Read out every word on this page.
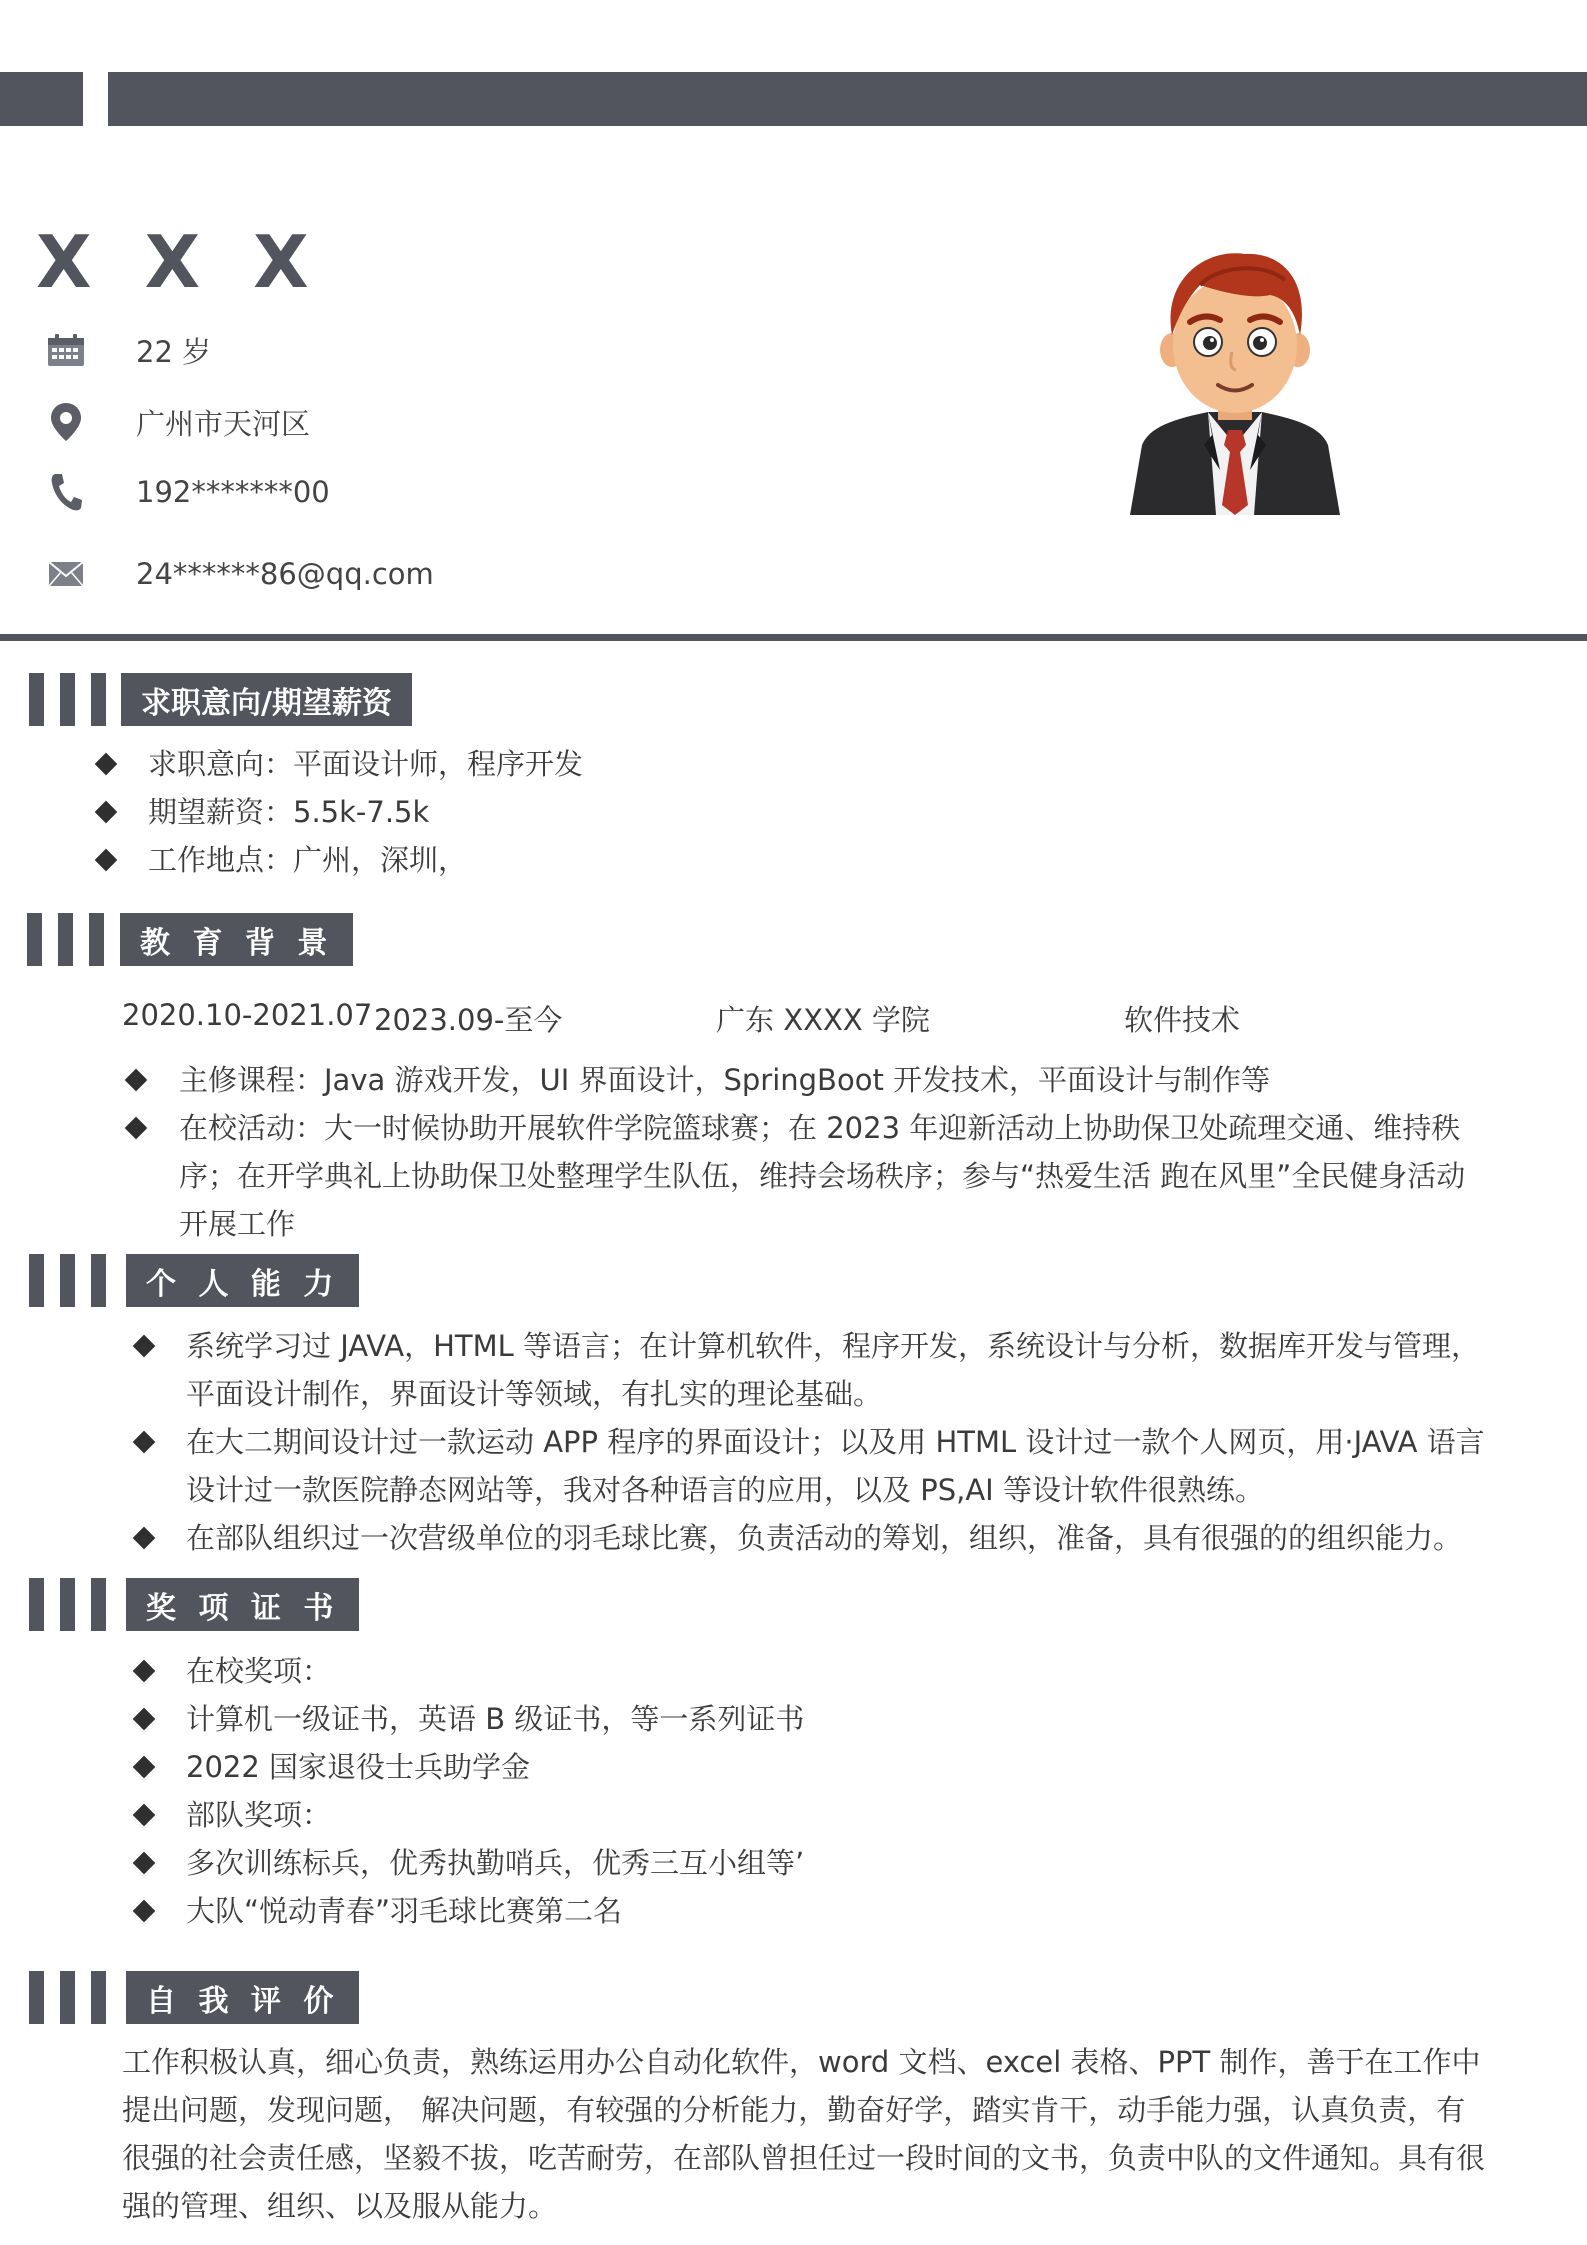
X X X
22 岁
广州市天河区
192*******00
24******86@qq.com
求职意向/期望薪资
求职意向：平面设计师，程序开发
期望薪资：5.5k-7.5k
工作地点：广州，深圳，
教 育 背 景
2020.10-2021.07 2023.09-至今	广东 XXXX 学院	软件技术
主修课程：Java 游戏开发，UI 界面设计，SpringBoot 开发技术，平面设计与制作等
在校活动：大一时候协助开展软件学院篮球赛；在 2023 年迎新活动上协助保卫处疏理交通、维持秩序；在开学典礼上协助保卫处整理学生队伍，维持会场秩序；参与“热爱生活 跑在风里”全民健身活动开展工作
个 人 能 力
系统学习过 JAVA，HTML 等语言；在计算机软件，程序开发，系统设计与分析，数据库开发与管理，平面设计制作，界面设计等领域，有扎实的理论基础。
在大二期间设计过一款运动 APP 程序的界面设计；以及用 HTML 设计过一款个人网页，用·JAVA 语言设计过一款医院静态网站等，我对各种语言的应用，以及 PS,AI 等设计软件很熟练。
在部队组织过一次营级单位的羽毛球比赛，负责活动的筹划，组织，准备，具有很强的的组织能力。
奖 项 证 书
在校奖项：
计算机一级证书，英语 B 级证书，等一系列证书
2022 国家退役士兵助学金
部队奖项：
多次训练标兵，优秀执勤哨兵，优秀三互小组等’
大队“悦动青春”羽毛球比赛第二名
自 我 评 价
工作积极认真，细心负责，熟练运用办公自动化软件，word 文档、excel 表格、PPT 制作，善于在工作中提出问题，发现问题， 解决问题，有较强的分析能力，勤奋好学，踏实肯干，动手能力强，认真负责，有很强的社会责任感，坚毅不拔，吃苦耐劳，在部队曾担任过一段时间的文书，负责中队的文件通知。具有很强的管理、组织、以及服从能力。
